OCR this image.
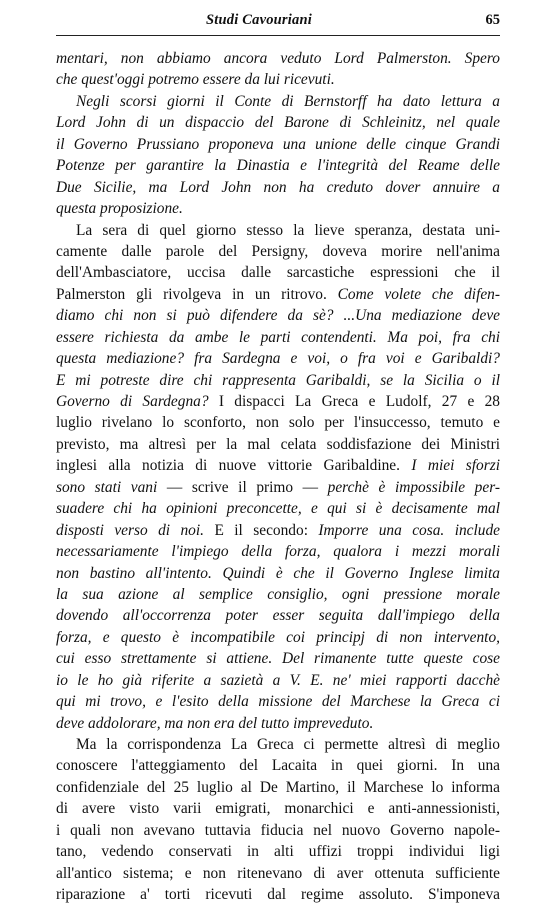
Studi Cavouriani	65
mentari, non abbiamo ancora veduto Lord Palmerston. Spero
che quest'oggi potremo essere da lui ricevuti.
Negli scorsi giorni il Conte di Bernstorff ha dato lettura a
Lord John di un dispaccio del Barone di Schleinitz, nel quale
il Governo Prussiano proponeva una unione delle cinque Grandi
Potenze per garantire la Dinastia e l'integrità del Reame delle
Due Sicilie, ma Lord John non ha creduto dover annuire a
questa proposizione.
La sera di quel giorno stesso la lieve speranza, destata uni-
camente dalle parole del Persigny, doveva morire nell'anima
dell'Ambasciatore, uccisa dalle sarcastiche espressioni che il
Palmerston gli rivolgeva in un ritrovo. Come volete che difen-
diamo chi non si può difendere da sè? ...Una mediazione deve
essere richiesta da ambe le parti contendenti. Ma poi, fra chi
questa mediazione? fra Sardegna e voi, o fra voi e Garibaldi?
E mi potreste dire chi rappresenta Garibaldi, se la Sicilia o il
Governo di Sardegna? I dispacci La Greca e Ludolf, 27 e 28
luglio rivelano lo sconforto, non solo per l'insuccesso, temuto e
previsto, ma altresì per la mal celata soddisfazione dei Ministri
inglesi alla notizia di nuove vittorie Garibaldine. I miei sforzi
sono stati vani — scrive il primo — perchè è impossibile per-
suadere chi ha opinioni preconcette, e qui si è decisamente mal
disposti verso di noi. E il secondo: Imporre una cosa. include
necessariamente l'impiego della forza, qualora i mezzi morali
non bastino all'intento. Quindi è che il Governo Inglese limita
la sua azione al semplice consiglio, ogni pressione morale
dovendo all'occorrenza poter esser seguita dall'impiego della
forza, e questo è incompatibile coi principj di non intervento,
cui esso strettamente si attiene. Del rimanente tutte queste cose
io le ho già riferite a sazietà a V. E. ne' miei rapporti dacchè
qui mi trovo, e l'esito della missione del Marchese la Greca ci
deve addolorare, ma non era del tutto impreveduto.
Ma la corrispondenza La Greca ci permette altresì di meglio
conoscere l'atteggiamento del Lacaita in quei giorni. In una
confidenziale del 25 luglio al De Martino, il Marchese lo informa
di avere visto varii emigrati, monarchici e anti-annessionisti,
i quali non avevano tuttavia fiducia nel nuovo Governo napole-
tano, vedendo conservati in alti uffizi troppi individui ligi
all'antico sistema; e non ritenevano di aver ottenuta sufficiente
riparazione a' torti ricevuti dal regime assoluto. S'imponeva
